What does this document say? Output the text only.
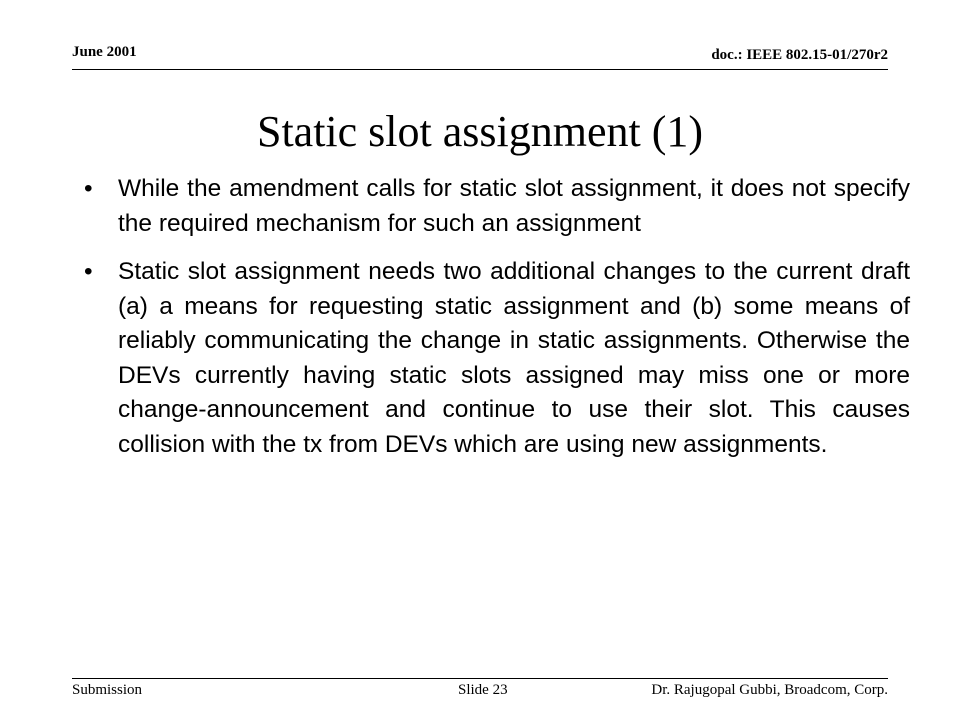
June 2001	doc.: IEEE 802.15-01/270r2
Static slot assignment (1)
• While the amendment calls for static slot assignment, it does not specify the required mechanism for such an assignment
• Static slot assignment needs two additional changes to the current draft (a) a means for requesting static assignment and (b) some means of reliably communicating the change in static assignments. Otherwise the DEVs currently having static slots assigned may miss one or more change-announcement and continue to use their slot. This causes collision with the tx from DEVs which are using new assignments.
Submission	Slide 23	Dr. Rajugopal Gubbi, Broadcom, Corp.
